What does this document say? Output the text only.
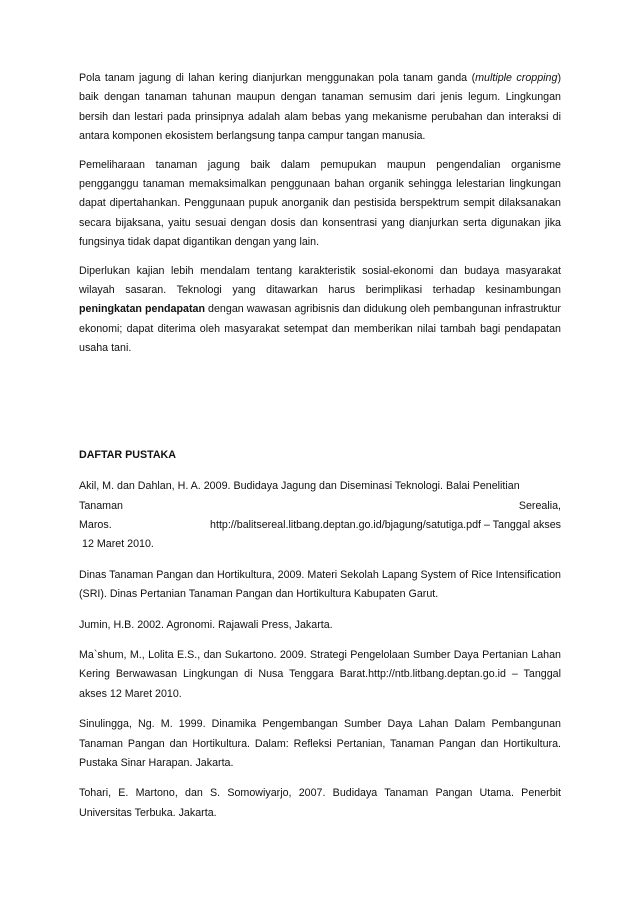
Pola tanam jagung di lahan kering dianjurkan menggunakan pola tanam ganda (multiple cropping) baik dengan tanaman tahunan maupun dengan tanaman semusim dari jenis legum. Lingkungan bersih dan lestari pada prinsipnya adalah alam bebas yang mekanisme perubahan dan interaksi di antara komponen ekosistem berlangsung tanpa campur tangan manusia.

Pemeliharaan tanaman jagung baik dalam pemupukan maupun pengendalian organisme pengganggu tanaman memaksimalkan penggunaan bahan organik sehingga lelestarian lingkungan dapat dipertahankan. Penggunaan pupuk anorganik dan pestisida berspektrum sempit dilaksanakan secara bijaksana, yaitu sesuai dengan dosis dan konsentrasi yang dianjurkan serta digunakan jika fungsinya tidak dapat digantikan dengan yang lain.

Diperlukan kajian lebih mendalam tentang karakteristik sosial-ekonomi dan budaya masyarakat wilayah sasaran. Teknologi yang ditawarkan harus berimplikasi terhadap kesinambungan peningkatan pendapatan dengan wawasan agribisnis dan didukung oleh pembangunan infrastruktur ekonomi; dapat diterima oleh masyarakat setempat dan memberikan nilai tambah bagi pendapatan usaha tani.

DAFTAR PUSTAKA

Akil, M. dan Dahlan, H. A. 2009. Budidaya Jagung dan Diseminasi Teknologi. Balai Penelitian

Tanaman	Serealia,
Maros.	http://balitsereal.litbang.deptan.go.id/bjagung/satutiga.pdf – Tanggal akses
12 Maret 2010.

Dinas Tanaman Pangan dan Hortikultura, 2009. Materi Sekolah Lapang System of Rice Intensification (SRI). Dinas Pertanian Tanaman Pangan dan Hortikultura Kabupaten Garut.

Jumin, H.B. 2002. Agronomi. Rajawali Press, Jakarta.

Ma`shum, M., Lolita E.S., dan Sukartono. 2009. Strategi Pengelolaan Sumber Daya Pertanian Lahan Kering Berwawasan Lingkungan di Nusa Tenggara Barat.http://ntb.litbang.deptan.go.id – Tanggal akses 12 Maret 2010.

Sinulingga, Ng. M. 1999. Dinamika Pengembangan Sumber Daya Lahan Dalam Pembangunan Tanaman Pangan dan Hortikultura. Dalam: Refleksi Pertanian, Tanaman Pangan dan Hortikultura. Pustaka Sinar Harapan. Jakarta.

Tohari, E. Martono, dan S. Somowiyarjo, 2007. Budidaya Tanaman Pangan Utama. Penerbit Universitas Terbuka. Jakarta.
